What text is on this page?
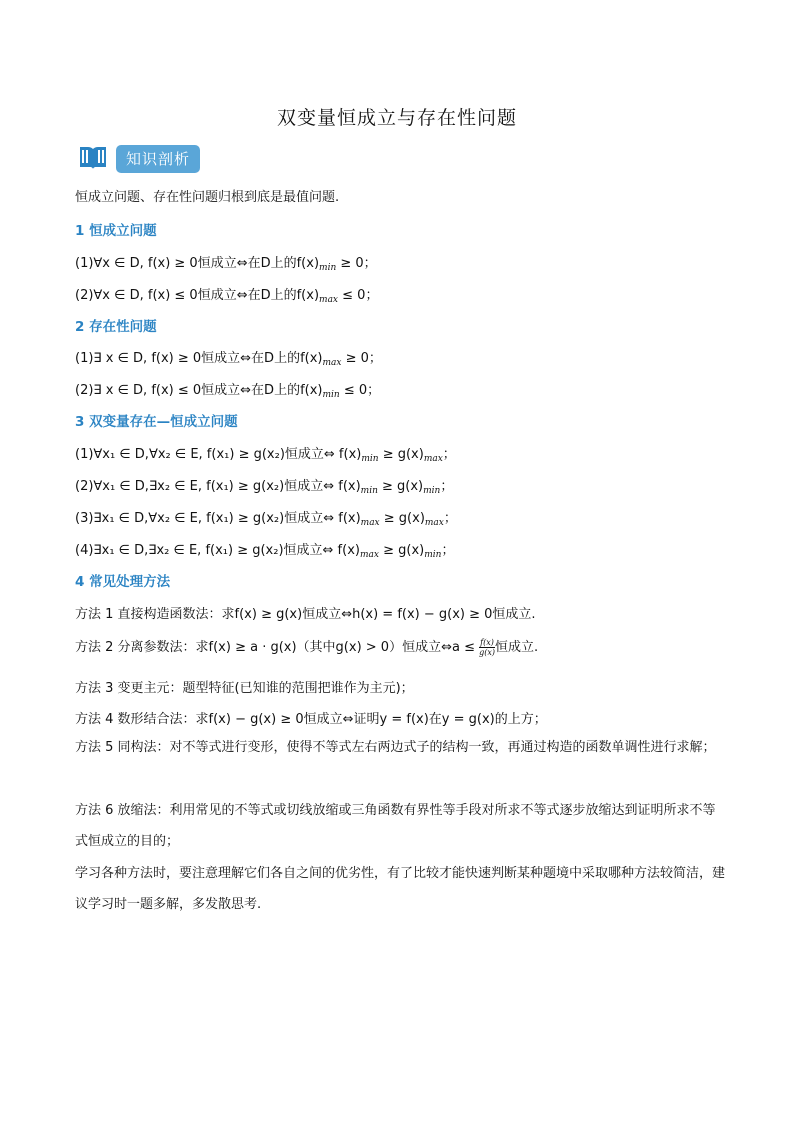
双变量恒成立与存在性问题
知识剖析
恒成立问题、存在性问题归根到底是最值问题.
1 恒成立问题
(1)∀x ∈ D, f(x) ≥ 0恒成立⇔在D上的$f(x)_{min} \ge 0$；
(2)∀x ∈ D, f(x) ≤ 0恒成立⇔在D上的$f(x)_{max} \le 0$；
2 存在性问题
(1)∃ x ∈ D, f(x) ≥ 0恒成立⇔在D上的$f(x)_{max} \ge 0$；
(2)∃ x ∈ D, f(x) ≤ 0恒成立⇔在D上的$f(x)_{min} \le 0$；
3 双变量存在—恒成立问题
(1)∀x₁ ∈ D,∀x₂ ∈ E, f(x₁) ≥ g(x₂)恒成立⇔ $f(x)_{min} \ge g(x)_{max}$；
(2)∀x₁ ∈ D,∃x₂ ∈ E, f(x₁) ≥ g(x₂)恒成立⇔ $f(x)_{min} \ge g(x)_{min}$；
(3)∃x₁ ∈ D,∀x₂ ∈ E, f(x₁) ≥ g(x₂)恒成立⇔ $f(x)_{max} \ge g(x)_{max}$；
(4)∃x₁ ∈ D,∃x₂ ∈ E, f(x₁) ≥ g(x₂)恒成立⇔ $f(x)_{max} \ge g(x)_{min}$；
4 常见处理方法
方法 1 直接构造函数法：求f(x) ≥ g(x)恒成立⇔h(x) = f(x) − g(x) ≥ 0恒成立.
方法 2 分离参数法：求f(x) ≥ a · g(x)（其中g(x) > 0）恒成立⇔a ≤ $\frac{f(x)}{g(x)}$ 恒成立.
方法 3 变更主元：题型特征(已知谁的范围把谁作为主元)；
方法 4 数形结合法：求f(x) − g(x) ≥ 0恒成立⇔证明y = f(x)在y = g(x)的上方；
方法 5 同构法：对不等式进行变形，使得不等式左右两边式子的结构一致，再通过构造的函数单调性进行求解；
方法 6 放缩法：利用常见的不等式或切线放缩或三角函数有界性等手段对所求不等式逐步放缩达到证明所求不等式恒成立的目的；
学习各种方法时，要注意理解它们各自之间的优劣性，有了比较才能快速判断某种题境中采取哪种方法较简洁，建议学习时一题多解，多发散思考.
